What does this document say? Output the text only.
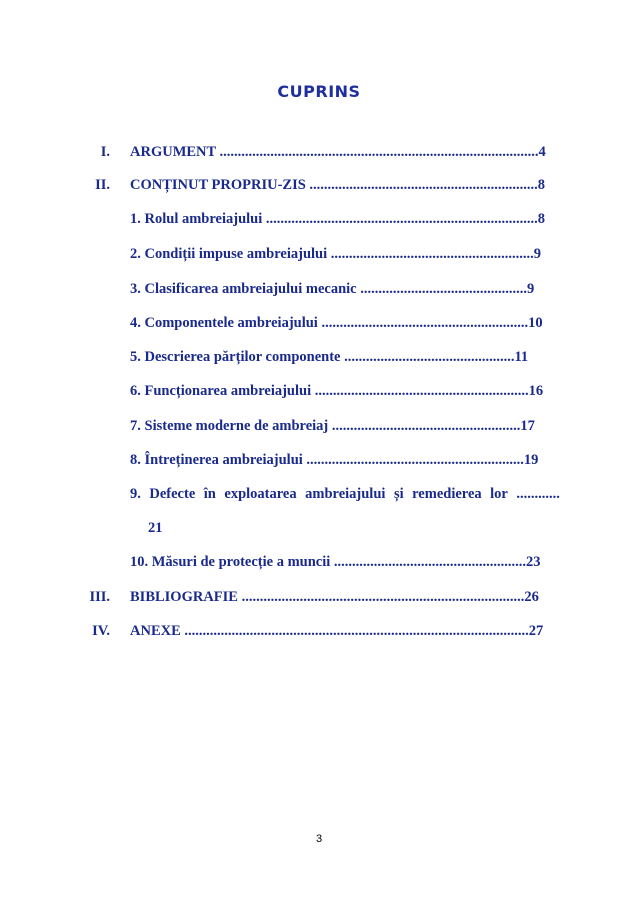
CUPRINS
I. ARGUMENT ........................................................................................4
II. CONȚINUT PROPRIU-ZIS ...............................................................8
1. Rolul ambreiajului ...........................................................................8
2. Condiții impuse ambreiajului ........................................................9
3. Clasificarea ambreiajului mecanic ..............................................9
4. Componentele ambreiajului .........................................................10
5. Descrierea părților componente ...............................................11
6. Funcționarea ambreiajului ...........................................................16
7. Sisteme moderne de ambreiaj ....................................................17
8. Întreținerea ambreiajului ............................................................19
9. Defecte în exploatarea ambreiajului și remedierea lor ............
21
10. Măsuri de protecție a muncii .....................................................23
III. BIBLIOGRAFIE ..............................................................................26
IV. ANEXE ...............................................................................................27
3
